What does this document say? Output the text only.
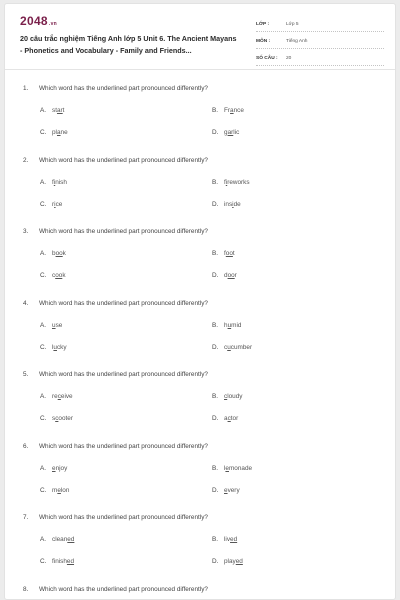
2048.vn
20 câu trắc nghiệm Tiếng Anh lớp 5 Unit 6. The Ancient Mayans - Phonetics and Vocabulary - Family and Friends...
LỚP :	Lớp 5
MÔN :	Tiếng Anh
SỐ CÂU :	20
1. Which word has the underlined part pronounced differently?
A. start	B. France
C. plane	D. garlic
2. Which word has the underlined part pronounced differently?
A. finish	B. fireworks
C. rice	D. inside
3. Which word has the underlined part pronounced differently?
A. book	B. foot
C. cook	D. door
4. Which word has the underlined part pronounced differently?
A. use	B. humid
C. lucky	D. cucumber
5. Which word has the underlined part pronounced differently?
A. receive	B. cloudy
C. scooter	D. actor
6. Which word has the underlined part pronounced differently?
A. enjoy	B. lemonade
C. melon	D. every
7. Which word has the underlined part pronounced differently?
A. cleaned	B. lived
C. finished	D. played
8. Which word has the underlined part pronounced differently?
